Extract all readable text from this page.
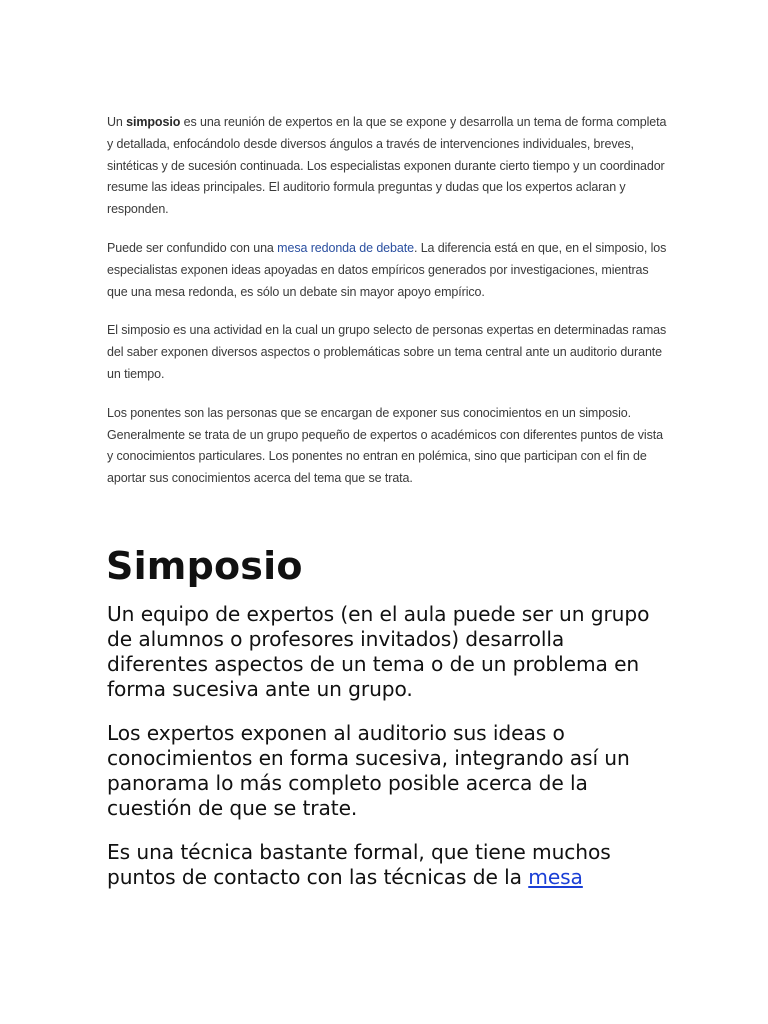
Un simposio es una reunión de expertos en la que se expone y desarrolla un tema de forma completa y detallada, enfocándolo desde diversos ángulos a través de intervenciones individuales, breves, sintéticas y de sucesión continuada. Los especialistas exponen durante cierto tiempo y un coordinador resume las ideas principales. El auditorio formula preguntas y dudas que los expertos aclaran y responden.

Puede ser confundido con una mesa redonda de debate. La diferencia está en que, en el simposio, los especialistas exponen ideas apoyadas en datos empíricos generados por investigaciones, mientras que una mesa redonda, es sólo un debate sin mayor apoyo empírico.

El simposio es una actividad en la cual un grupo selecto de personas expertas en determinadas ramas del saber exponen diversos aspectos o problemáticas sobre un tema central ante un auditorio durante un tiempo.

Los ponentes son las personas que se encargan de exponer sus conocimientos en un simposio. Generalmente se trata de un grupo pequeño de expertos o académicos con diferentes puntos de vista y conocimientos particulares. Los ponentes no entran en polémica, sino que participan con el fin de aportar sus conocimientos acerca del tema que se trata.

Simposio

Un equipo de expertos (en el aula puede ser un grupo de alumnos o profesores invitados) desarrolla diferentes aspectos de un tema o de un problema en forma sucesiva ante un grupo.

Los expertos exponen al auditorio sus ideas o conocimientos en forma sucesiva, integrando así un panorama lo más completo posible acerca de la cuestión de que se trate.

Es una técnica bastante formal, que tiene muchos puntos de contacto con las técnicas de la mesa
